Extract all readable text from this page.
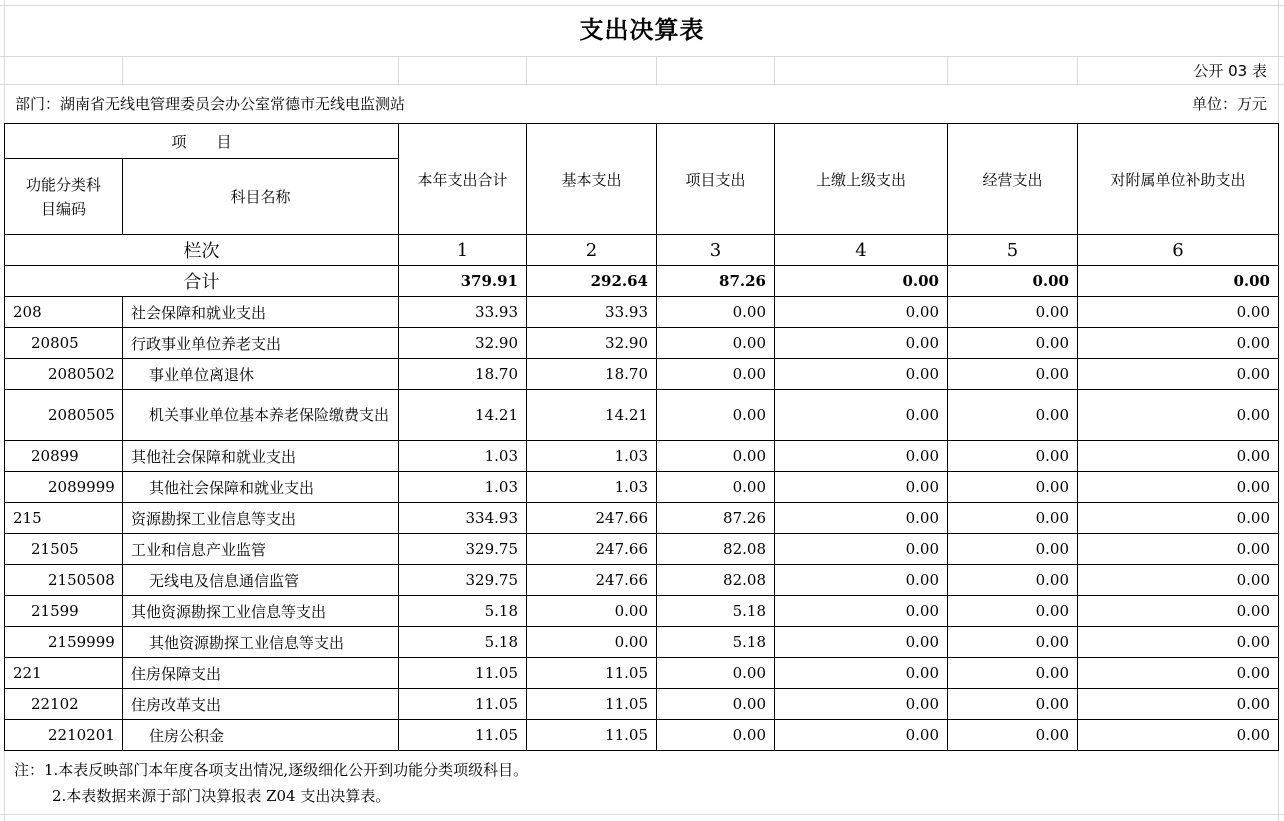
支出决算表
公开 03 表
部门：湖南省无线电管理委员会办公室常德市无线电监测站	单位：万元
项　　目		本年支出合计	基本支出	项目支出	上缴上级支出	经营支出	对附属单位补助支出
功能分类科目编码	科目名称						
栏次		1	2	3	4	5	6
合计		379.91	292.64	87.26	0.00	0.00	0.00
208	社会保障和就业支出	33.93	33.93	0.00	0.00	0.00	0.00
20805	行政事业单位养老支出	32.90	32.90	0.00	0.00	0.00	0.00
2080502	事业单位离退休	18.70	18.70	0.00	0.00	0.00	0.00
2080505	机关事业单位基本养老保险缴费支出	14.21	14.21	0.00	0.00	0.00	0.00
20899	其他社会保障和就业支出	1.03	1.03	0.00	0.00	0.00	0.00
2089999	其他社会保障和就业支出	1.03	1.03	0.00	0.00	0.00	0.00
215	资源勘探工业信息等支出	334.93	247.66	87.26	0.00	0.00	0.00
21505	工业和信息产业监管	329.75	247.66	82.08	0.00	0.00	0.00
2150508	无线电及信息通信监管	329.75	247.66	82.08	0.00	0.00	0.00
21599	其他资源勘探工业信息等支出	5.18	0.00	5.18	0.00	0.00	0.00
2159999	其他资源勘探工业信息等支出	5.18	0.00	5.18	0.00	0.00	0.00
221	住房保障支出	11.05	11.05	0.00	0.00	0.00	0.00
22102	住房改革支出	11.05	11.05	0.00	0.00	0.00	0.00
2210201	住房公积金	11.05	11.05	0.00	0.00	0.00	0.00
注：1.本表反映部门本年度各项支出情况,逐级细化公开到功能分类项级科目。
2.本表数据来源于部门决算报表 Z04 支出决算表。
